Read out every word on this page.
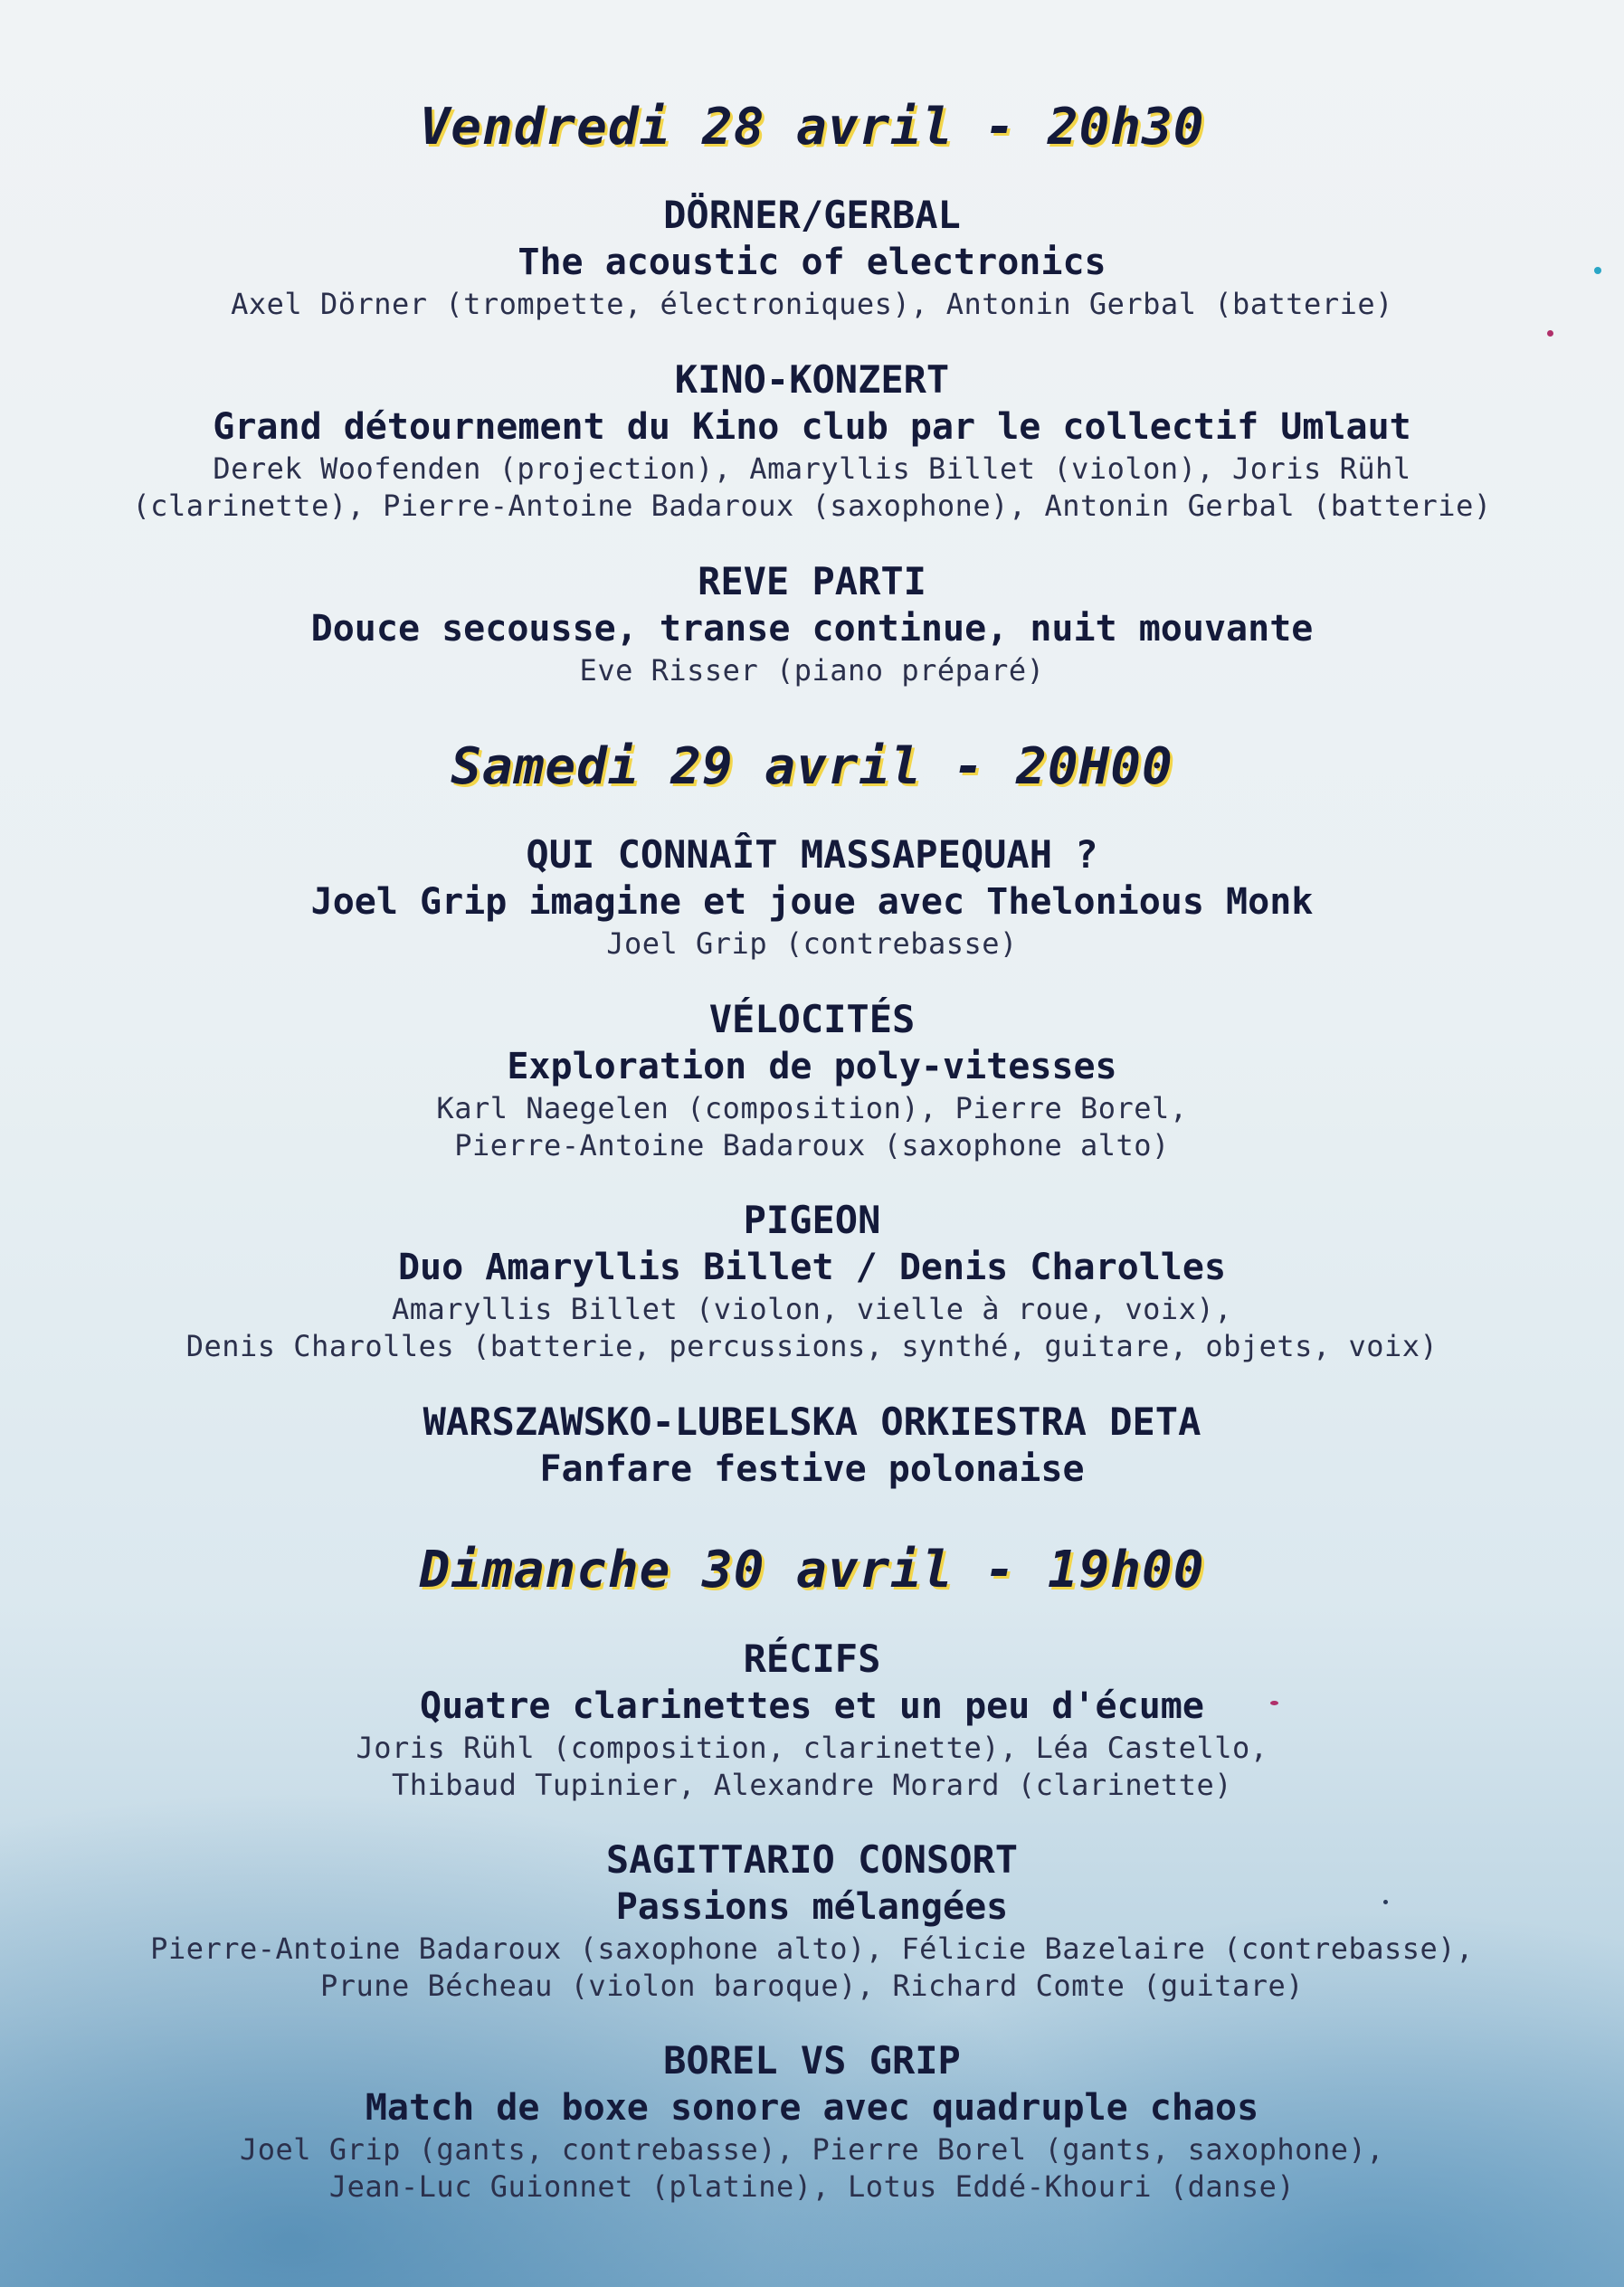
Vendredi 28 avril - 20h30
DÖRNER/GERBAL
The acoustic of electronics
Axel Dörner (trompette, électroniques), Antonin Gerbal (batterie)
KINO-KONZERT
Grand détournement du Kino club par le collectif Umlaut
Derek Woofenden (projection), Amaryllis Billet (violon), Joris Rühl
(clarinette), Pierre-Antoine Badaroux (saxophone), Antonin Gerbal (batterie)
REVE PARTI
Douce secousse, transe continue, nuit mouvante
Eve Risser (piano préparé)
Samedi 29 avril - 20H00
QUI CONNAÎT MASSAPEQUAH ?
Joel Grip imagine et joue avec Thelonious Monk
Joel Grip (contrebasse)
VÉLOCITÉS
Exploration de poly-vitesses
Karl Naegelen (composition), Pierre Borel,
Pierre-Antoine Badaroux (saxophone alto)
PIGEON
Duo Amaryllis Billet / Denis Charolles
Amaryllis Billet (violon, vielle à roue, voix),
Denis Charolles (batterie, percussions, synthé, guitare, objets, voix)
WARSZAWSKO-LUBELSKA ORKIESTRA DETA
Fanfare festive polonaise
Dimanche 30 avril - 19h00
RÉCIFS
Quatre clarinettes et un peu d'écume
Joris Rühl (composition, clarinette), Léa Castello,
Thibaud Tupinier, Alexandre Morard (clarinette)
SAGITTARIO CONSORT
Passions mélangées
Pierre-Antoine Badaroux (saxophone alto), Félicie Bazelaire (contrebasse),
Prune Bécheau (violon baroque), Richard Comte (guitare)
BOREL VS GRIP
Match de boxe sonore avec quadruple chaos
Joel Grip (gants, contrebasse), Pierre Borel (gants, saxophone),
Jean-Luc Guionnet (platine), Lotus Eddé-Khouri (danse)
